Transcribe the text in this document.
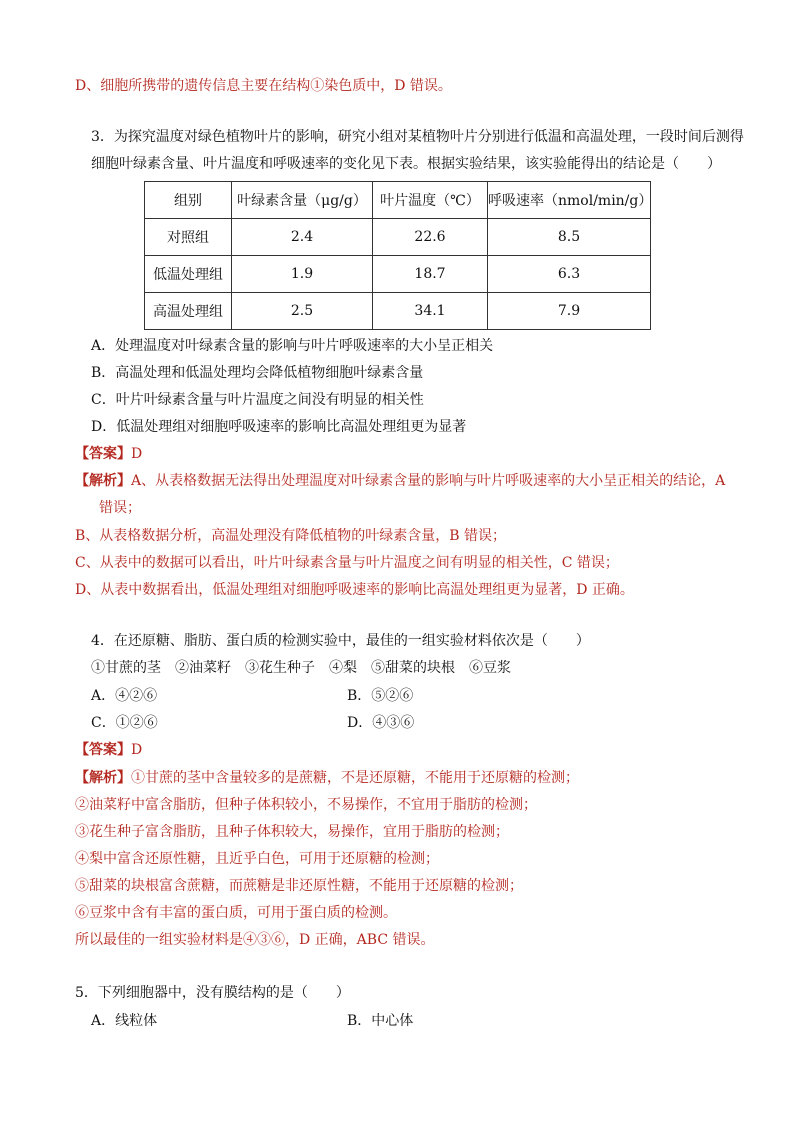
D、细胞所携带的遗传信息主要在结构①染色质中，D 错误。
3．为探究温度对绿色植物叶片的影响，研究小组对某植物叶片分别进行低温和高温处理，一段时间后测得
细胞叶绿素含量、叶片温度和呼吸速率的变化见下表。根据实验结果，该实验能得出的结论是（　　）
组别	叶绿素含量（μg/g）	叶片温度（℃）	呼吸速率（nmol/min/g）
对照组	2.4	22.6	8.5
低温处理组	1.9	18.7	6.3
高温处理组	2.5	34.1	7.9
A．处理温度对叶绿素含量的影响与叶片呼吸速率的大小呈正相关
B．高温处理和低温处理均会降低植物细胞叶绿素含量
C．叶片叶绿素含量与叶片温度之间没有明显的相关性
D．低温处理组对细胞呼吸速率的影响比高温处理组更为显著
【答案】D
【解析】A、从表格数据无法得出处理温度对叶绿素含量的影响与叶片呼吸速率的大小呈正相关的结论，A
错误；
B、从表格数据分析，高温处理没有降低植物的叶绿素含量，B 错误；
C、从表中的数据可以看出，叶片叶绿素含量与叶片温度之间有明显的相关性，C 错误；
D、从表中数据看出，低温处理组对细胞呼吸速率的影响比高温处理组更为显著，D 正确。
4．在还原糖、脂肪、蛋白质的检测实验中，最佳的一组实验材料依次是（　　）
①甘蔗的茎　②油菜籽　③花生种子　④梨　⑤甜菜的块根　⑥豆浆
A．④②⑥	B．⑤②⑥
C．①②⑥	D．④③⑥
【答案】D
【解析】①甘蔗的茎中含量较多的是蔗糖，不是还原糖，不能用于还原糖的检测；
②油菜籽中富含脂肪，但种子体积较小，不易操作，不宜用于脂肪的检测；
③花生种子富含脂肪，且种子体积较大，易操作，宜用于脂肪的检测；
④梨中富含还原性糖，且近乎白色，可用于还原糖的检测；
⑤甜菜的块根富含蔗糖，而蔗糖是非还原性糖，不能用于还原糖的检测；
⑥豆浆中含有丰富的蛋白质，可用于蛋白质的检测。
所以最佳的一组实验材料是④③⑥，D 正确，ABC 错误。
5．下列细胞器中，没有膜结构的是（　　）
A．线粒体	B．中心体
